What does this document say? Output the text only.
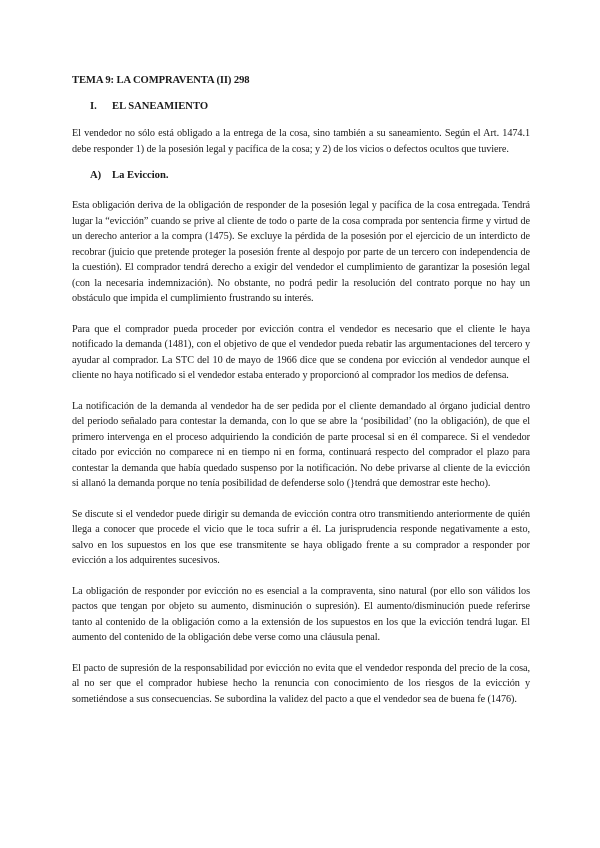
TEMA 9: LA COMPRAVENTA (II) 298
I. EL SANEAMIENTO

El vendedor no sólo está obligado a la entrega de la cosa, sino también a su saneamiento. Según el Art. 1474.1 debe responder 1) de la posesión legal y pacífica de la cosa; y 2) de los vicios o defectos ocultos que tuviere.

A) La Eviccion.

Esta obligación deriva de la obligación de responder de la posesión legal y pacífica de la cosa entregada. Tendrá lugar la “evicción” cuando se prive al cliente de todo o parte de la cosa comprada por sentencia firme y virtud de un derecho anterior a la compra (1475). Se excluye la pérdida de la posesión por el ejercicio de un interdicto de recobrar (juicio que pretende proteger la posesión frente al despojo por parte de un tercero con independencia de la cuestión). El comprador tendrá derecho a exigir del vendedor el cumplimiento de garantizar la posesión legal (con la necesaria indemnización). No obstante, no podrá pedir la resolución del contrato porque no hay un obstáculo que impida el cumplimiento frustrando su interés.

Para que el comprador pueda proceder por evicción contra el vendedor es necesario que el cliente le haya notificado la demanda (1481), con el objetivo de que el vendedor pueda rebatir las argumentaciones del tercero y ayudar al comprador. La STC del 10 de mayo de 1966 dice que se condena por evicción al vendedor aunque el cliente no haya notificado si el vendedor estaba enterado y proporcionó al comprador los medios de defensa.

La notificación de la demanda al vendedor ha de ser pedida por el cliente demandado al órgano judicial dentro del periodo señalado para contestar la demanda, con lo que se abre la ‘posibilidad’ (no la obligación), de que el primero intervenga en el proceso adquiriendo la condición de parte procesal si en él comparece. Si el vendedor citado por evicción no comparece ni en tiempo ni en forma, continuará respecto del comprador el plazo para contestar la demanda que había quedado suspenso por la notificación. No debe privarse al cliente de la evicción si allanó la demanda porque no tenía posibilidad de defenderse solo (}tendrá que demostrar este hecho).

Se discute si el vendedor puede dirigir su demanda de evicción contra otro transmitiendo anteriormente de quién llega a conocer que procede el vicio que le toca sufrir a él. La jurisprudencia responde negativamente a esto, salvo en los supuestos en los que ese transmitente se haya obligado frente a su comprador a responder por evicción a los adquirentes sucesivos.

La obligación de responder por evicción no es esencial a la compraventa, sino natural (por ello son válidos los pactos que tengan por objeto su aumento, disminución o supresión). El aumento/disminución puede referirse tanto al contenido de la obligación como a la extensión de los supuestos en los que la evicción tendrá lugar. El aumento del contenido de la obligación debe verse como una cláusula penal.

El pacto de supresión de la responsabilidad por evicción no evita que el vendedor responda del precio de la cosa, al no ser que el comprador hubiese hecho la renuncia con conocimiento de los riesgos de la evicción y sometiéndose a sus consecuencias. Se subordina la validez del pacto a que el vendedor sea de buena fe (1476).
